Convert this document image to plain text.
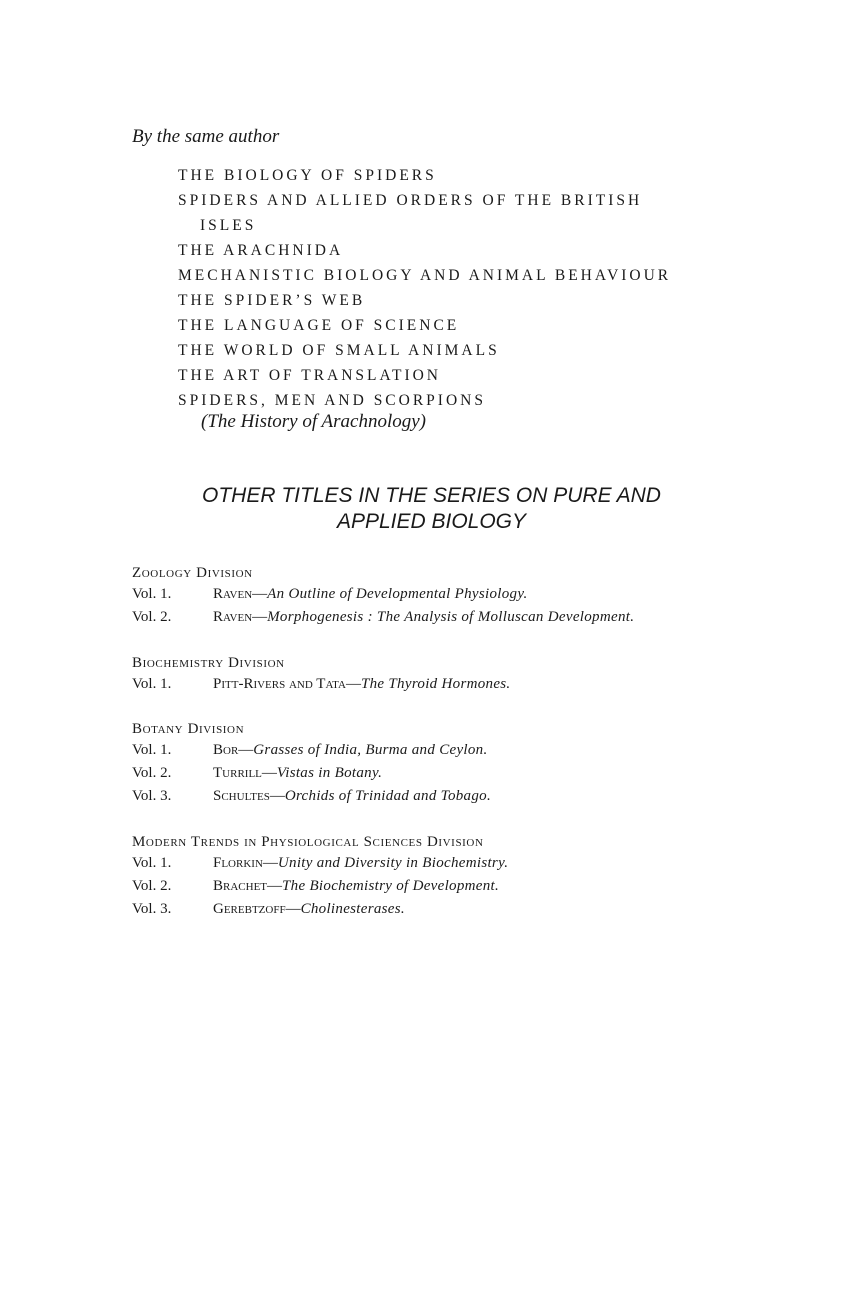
By the same author
THE BIOLOGY OF SPIDERS
SPIDERS AND ALLIED ORDERS OF THE BRITISH
ISLES
THE ARACHNIDA
MECHANISTIC BIOLOGY AND ANIMAL BEHAVIOUR
THE SPIDER’S WEB
THE LANGUAGE OF SCIENCE
THE WORLD OF SMALL ANIMALS
THE ART OF TRANSLATION
SPIDERS, MEN AND SCORPIONS
(The History of Arachnology)
OTHER TITLES IN THE SERIES ON PURE AND
APPLIED BIOLOGY
Zoology Division
Vol. 1.	Raven—An Outline of Developmental Physiology.
Vol. 2.	Raven—Morphogenesis : The Analysis of Molluscan Development.
Biochemistry Division
Vol. 1.	Pitt-Rivers and Tata—The Thyroid Hormones.
Botany Division
Vol. 1.	Bor—Grasses of India, Burma and Ceylon.
Vol. 2.	Turrill—Vistas in Botany.
Vol. 3.	Schultes—Orchids of Trinidad and Tobago.
Modern Trends in Physiological Sciences Division
Vol. 1.	Florkin—Unity and Diversity in Biochemistry.
Vol. 2.	Brachet—The Biochemistry of Development.
Vol. 3.	Gerebtzoff—Cholinesterases.
